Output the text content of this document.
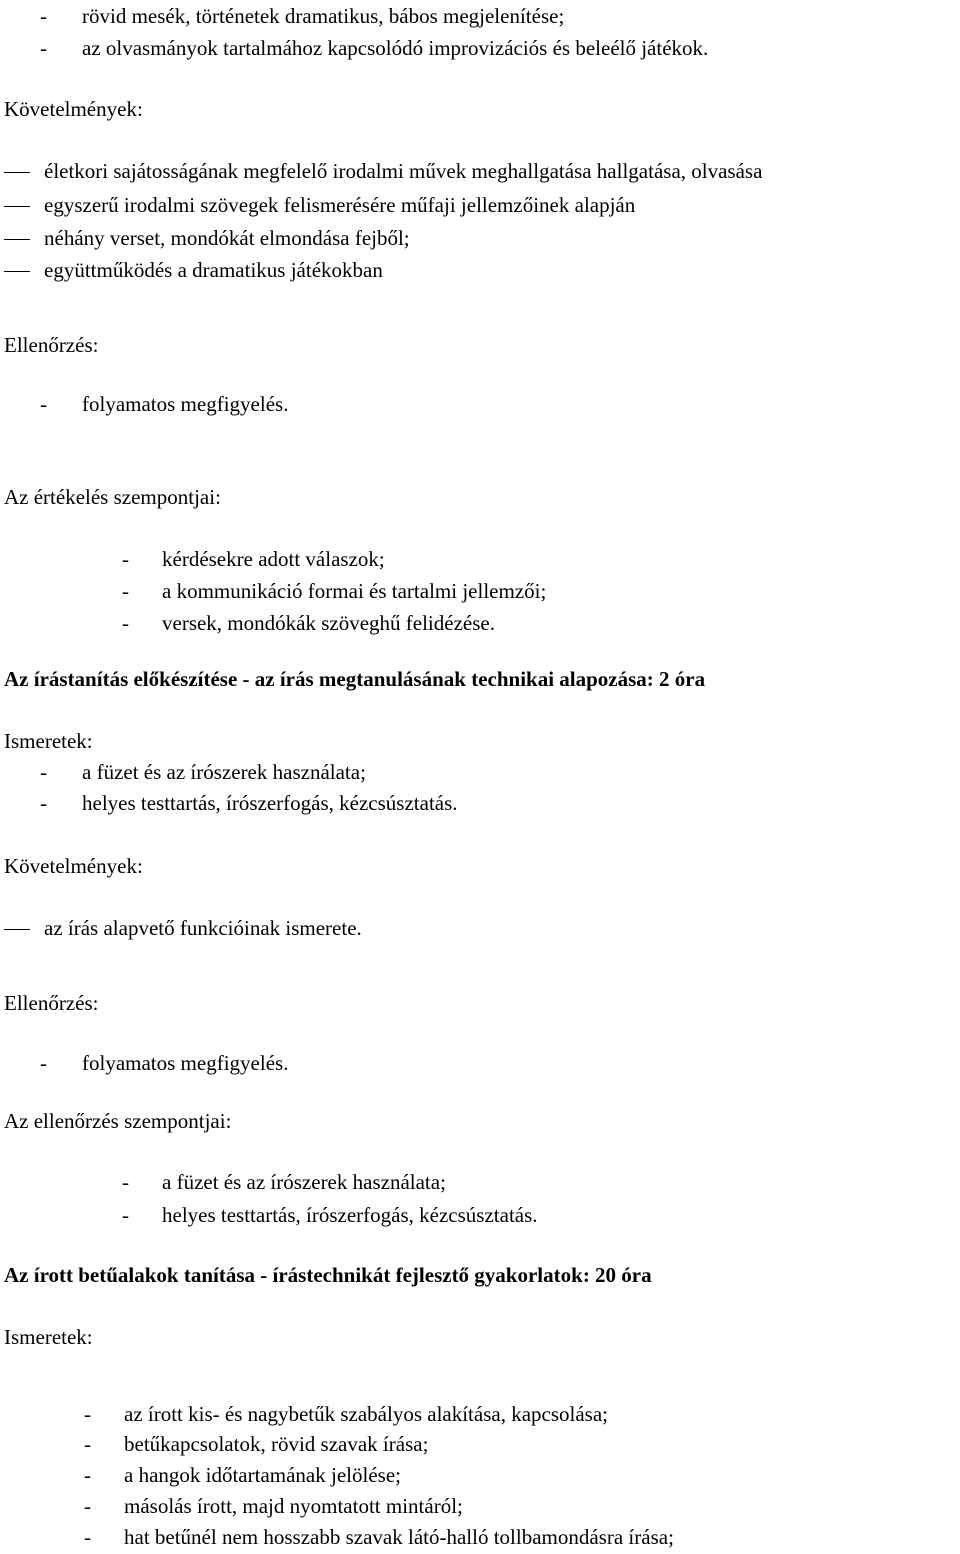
- rövid mesék, történetek dramatikus, bábos megjelenítése;
- az olvasmányok tartalmához kapcsolódó improvizációs és beleélő játékok.
Követelmények:
életkori sajátosságának megfelelő irodalmi művek meghallgatása hallgatása, olvasása
egyszerű irodalmi szövegek felismerésére műfaji jellemzőinek alapján
néhány verset, mondókát elmondása fejből;
együttműködés a dramatikus játékokban
Ellenőrzés:
- folyamatos megfigyelés.
Az értékelés szempontjai:
- kérdésekre adott válaszok;
- a kommunikáció formai és tartalmi jellemzői;
- versek, mondókák szöveghű felidézése.
Az írástanítás előkészítése - az írás megtanulásának technikai alapozása: 2 óra
Ismeretek:
- a füzet és az írószerek használata;
- helyes testtartás, írószerfogás, kézcsúsztatás.
Követelmények:
az írás alapvető funkcióinak ismerete.
Ellenőrzés:
- folyamatos megfigyelés.
Az ellenőrzés szempontjai:
- a füzet és az írószerek használata;
- helyes testtartás, írószerfogás, kézcsúsztatás.
Az írott betűalakok tanítása - írástechnikát fejlesztő gyakorlatok: 20 óra
Ismeretek:
- az írott kis- és nagybetűk szabályos alakítása, kapcsolása;
- betűkapcsolatok, rövid szavak írása;
- a hangok időtartamának jelölése;
- másolás írott, majd nyomtatott mintáról;
- hat betűnél nem hosszabb szavak látó-halló tollbamondásra írása;
